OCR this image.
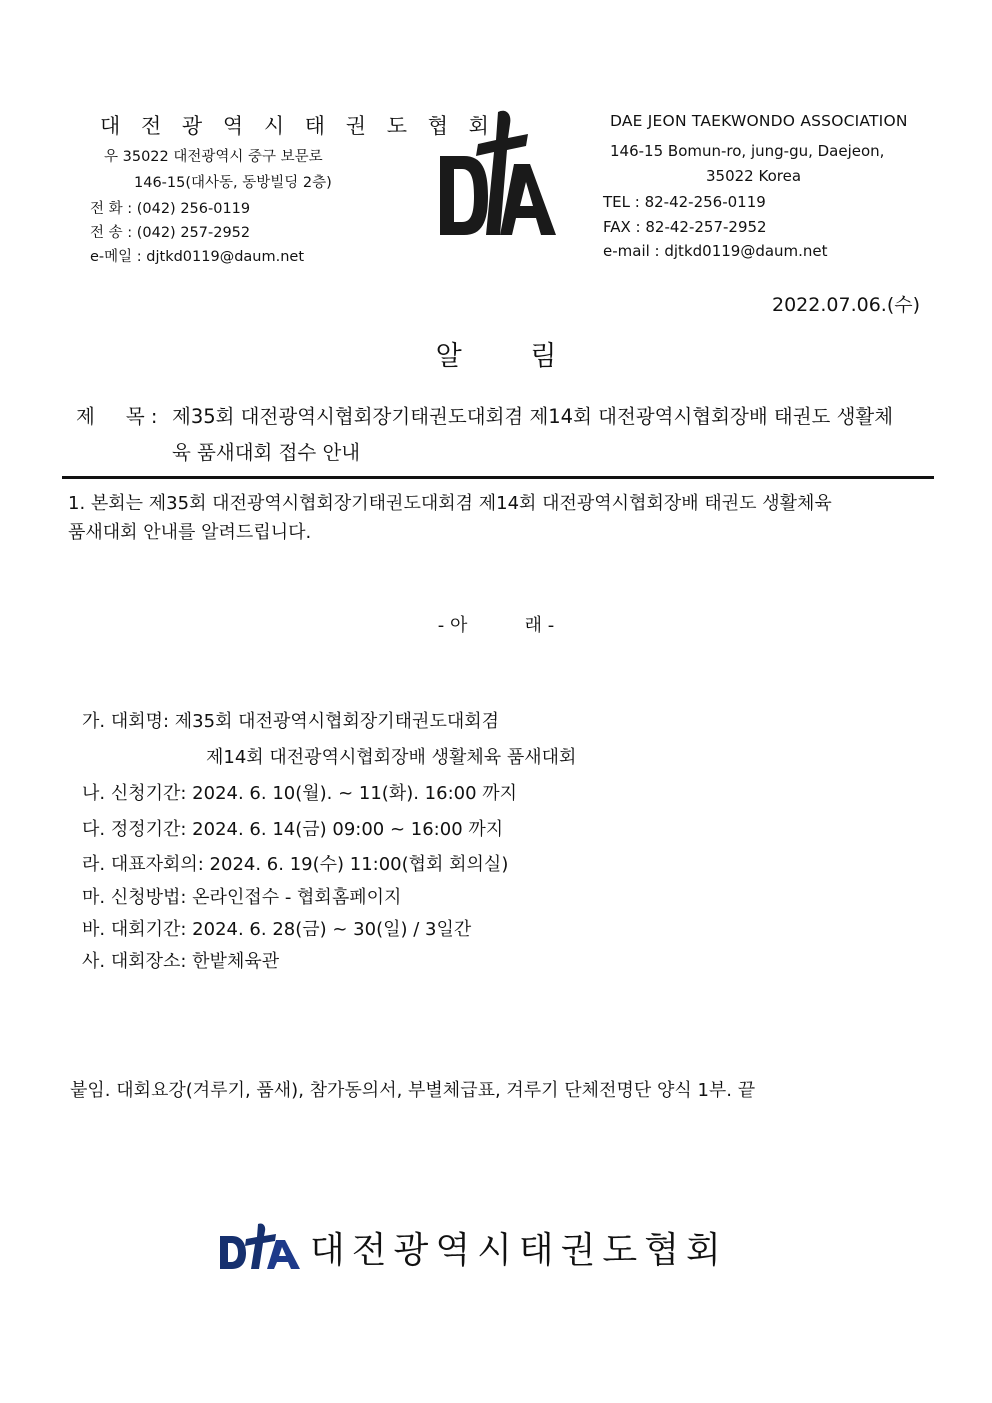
대 전 광 역 시 태 권 도 협 회
우 35022 대전광역시 중구 보문로
146-15(대사동, 동방빌딩 2층)
전 화 : (042) 256-0119
전 송 : (042) 257-2952
e-메일 : djtkd0119@daum.net
DAE JEON TAEKWONDO ASSOCIATION
146-15 Bomun-ro, jung-gu, Daejeon,
35022 Korea
TEL : 82-42-256-0119
FAX : 82-42-257-2952
e-mail : djtkd0119@daum.net
2022.07.06.(수)
알        림
제     목 : 제35회 대전광역시협회장기태권도대회겸 제14회 대전광역시협회장배 태권도 생활체
육 품새대회 접수 안내
1. 본회는 제35회 대전광역시협회장기태권도대회겸 제14회 대전광역시협회장배 태권도 생활체육
품새대회 안내를 알려드립니다.
- 아          래 -
가. 대회명: 제35회 대전광역시협회장기태권도대회겸
제14회 대전광역시협회장배 생활체육 품새대회
나. 신청기간: 2024. 6. 10(월). ~ 11(화). 16:00 까지
다. 정정기간: 2024. 6. 14(금) 09:00 ~ 16:00 까지
라. 대표자회의: 2024. 6. 19(수) 11:00(협회 회의실)
마. 신청방법: 온라인접수 - 협회홈페이지
바. 대회기간: 2024. 6. 28(금) ~ 30(일) / 3일간
사. 대회장소: 한밭체육관
붙임. 대회요강(겨루기, 품새), 참가동의서, 부별체급표, 겨루기 단체전명단 양식 1부. 끝
대전광역시태권도협회
